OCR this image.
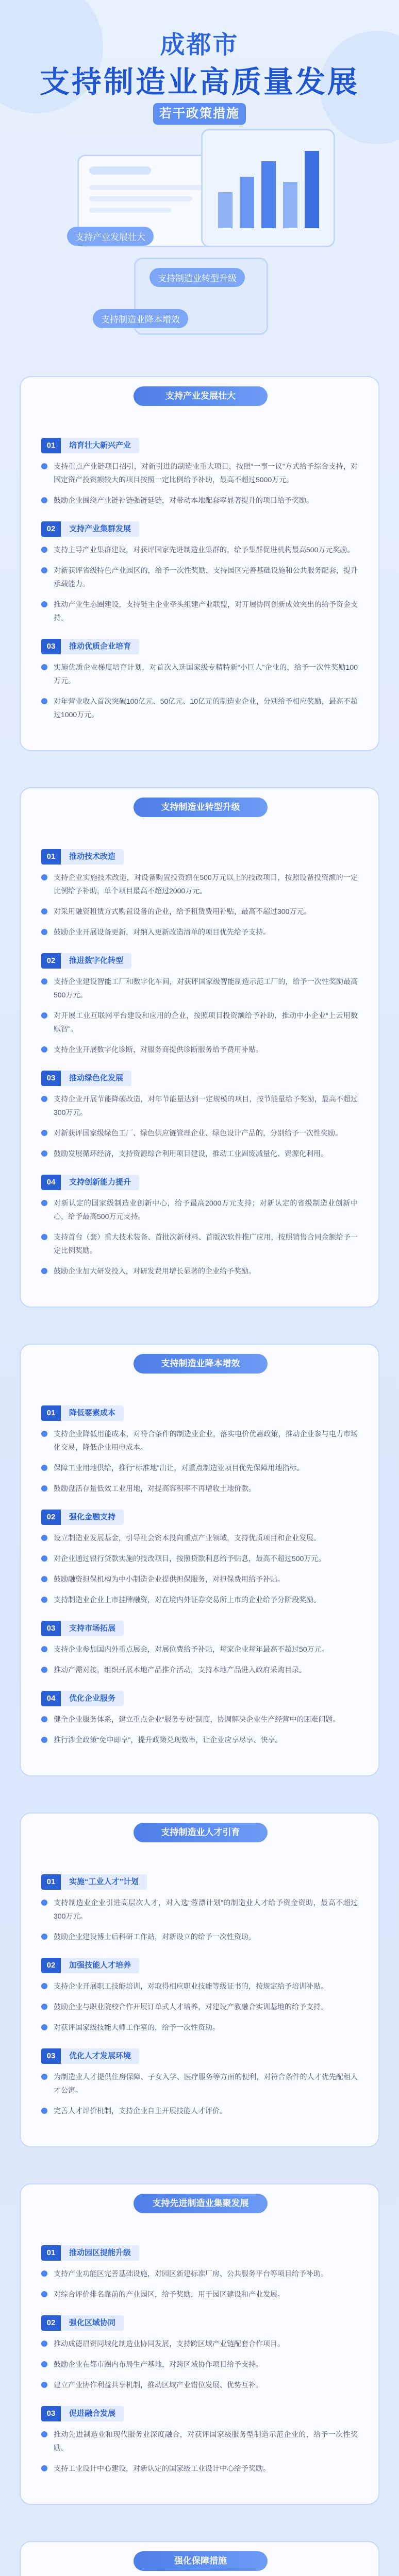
成都市
支持制造业高质量发展
若干政策措施
支持产业发展壮大
支持制造业转型升级
支持制造业降本增效
支持产业发展壮大
01	培育壮大新兴产业

支持重点产业链项目招引，对新引进的制造业重大项目，按照“一事一议”方式给予综合支持，对固定资产投资额较大的项目按照一定比例给予补助，最高不超过5000万元。

鼓励企业围绕产业链补链强链延链，对带动本地配套率显著提升的项目给予奖励。

02	支持产业集群发展

支持主导产业集群建设，对获评国家先进制造业集群的，给予集群促进机构最高500万元奖励。

对新获评省级特色产业园区的，给予一次性奖励，支持园区完善基础设施和公共服务配套，提升承载能力。

推动产业生态圈建设，支持链主企业牵头组建产业联盟，对开展协同创新成效突出的给予资金支持。

03	推动优质企业培育

实施优质企业梯度培育计划，对首次入选国家级专精特新“小巨人”企业的，给予一次性奖励100万元。

对年营业收入首次突破100亿元、50亿元、10亿元的制造业企业，分别给予相应奖励，最高不超过1000万元。

支持制造业转型升级
01	推动技术改造

支持企业实施技术改造，对设备购置投资额在500万元以上的技改项目，按照设备投资额的一定比例给予补助，单个项目最高不超过2000万元。

对采用融资租赁方式购置设备的企业，给予租赁费用补贴，最高不超过300万元。

鼓励企业开展设备更新，对纳入更新改造清单的项目优先给予支持。

02	推进数字化转型

支持企业建设智能工厂和数字化车间，对获评国家级智能制造示范工厂的，给予一次性奖励最高500万元。

对开展工业互联网平台建设和应用的企业，按照项目投资额给予补助，推动中小企业“上云用数赋智”。

支持企业开展数字化诊断，对服务商提供诊断服务给予费用补贴。

03	推动绿色化发展

支持企业开展节能降碳改造，对年节能量达到一定规模的项目，按节能量给予奖励，最高不超过300万元。

对新获评国家级绿色工厂、绿色供应链管理企业、绿色设计产品的，分别给予一次性奖励。

鼓励发展循环经济，支持资源综合利用项目建设，推动工业固废减量化、资源化利用。

04	支持创新能力提升

对新认定的国家级制造业创新中心，给予最高2000万元支持；对新认定的省级制造业创新中心，给予最高500万元支持。

支持首台（套）重大技术装备、首批次新材料、首版次软件推广应用，按照销售合同金额给予一定比例奖励。

鼓励企业加大研发投入，对研发费用增长显著的企业给予奖励。

支持制造业降本增效
01	降低要素成本

支持企业降低用能成本，对符合条件的制造业企业，落实电价优惠政策，推动企业参与电力市场化交易，降低企业用电成本。

保障工业用地供给，推行“标准地”出让，对重点制造业项目优先保障用地指标。

鼓励盘活存量低效工业用地，对提高容积率不再增收土地价款。

02	强化金融支持

设立制造业发展基金，引导社会资本投向重点产业领域，支持优质项目和企业发展。

对企业通过银行贷款实施的技改项目，按照贷款利息给予贴息，最高不超过500万元。

鼓励融资担保机构为中小制造企业提供担保服务，对担保费用给予补贴。

支持制造业企业上市挂牌融资，对在境内外证券交易所上市的企业给予分阶段奖励。

03	支持市场拓展

支持企业参加国内外重点展会，对展位费给予补贴，每家企业每年最高不超过50万元。

推动产需对接，组织开展本地产品推介活动，支持本地产品进入政府采购目录。

04	优化企业服务

健全企业服务体系，建立重点企业“服务专员”制度，协调解决企业生产经营中的困难问题。

推行涉企政策“免申即享”，提升政策兑现效率，让企业应享尽享、快享。

支持制造业人才引育
01	实施“工业人才”计划

支持制造业企业引进高层次人才，对入选“蓉漂计划”的制造业人才给予资金资助，最高不超过300万元。

鼓励企业建设博士后科研工作站，对新设立的给予一次性资助。

02	加强技能人才培养

支持企业开展职工技能培训，对取得相应职业技能等级证书的，按规定给予培训补贴。

鼓励企业与职业院校合作开展订单式人才培养，对建设产教融合实训基地的给予支持。

对获评国家级技能大师工作室的，给予一次性资助。

03	优化人才发展环境

为制造业人才提供住房保障、子女入学、医疗服务等方面的便利，对符合条件的人才优先配租人才公寓。

完善人才评价机制，支持企业自主开展技能人才评价。

支持先进制造业集聚发展
01	推动园区提能升级

支持产业功能区完善基础设施，对园区新建标准厂房、公共服务平台等项目给予补助。

对综合评价排名靠前的产业园区，给予奖励，用于园区建设和产业发展。

02	强化区域协同

推动成德眉资同城化制造业协同发展，支持跨区域产业链配套合作项目。

鼓励企业在都市圈内布局生产基地，对跨区域协作项目给予支持。

建立产业协作利益共享机制，推动区域产业错位发展、优势互补。

03	促进融合发展

推动先进制造业和现代服务业深度融合，对获评国家级服务型制造示范企业的，给予一次性奖励。

支持工业设计中心建设，对新认定的国家级工业设计中心给予奖励。

强化保障措施
